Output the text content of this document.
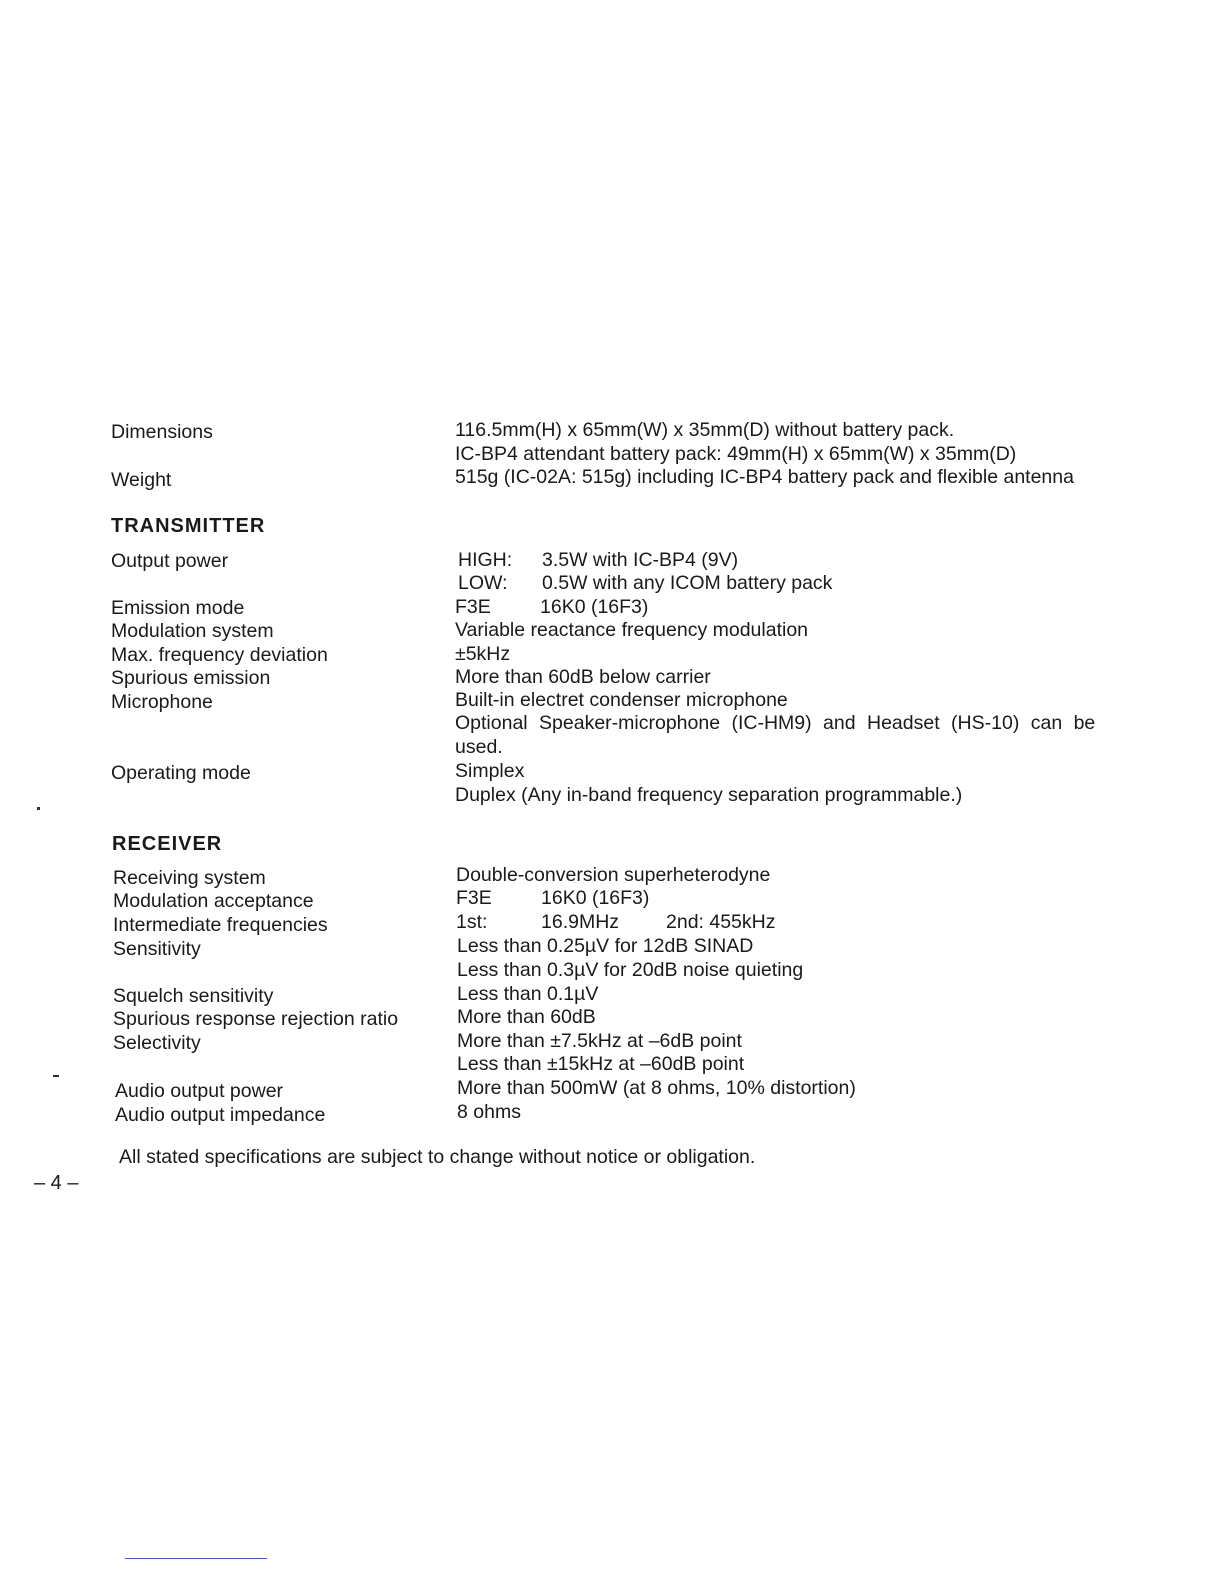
Dimensions	116.5mm(H) x 65mm(W) x 35mm(D) without battery pack.
IC-BP4 attendant battery pack: 49mm(H) x 65mm(W) x 35mm(D)
Weight	515g (IC-02A: 515g) including IC-BP4 battery pack and flexible antenna
TRANSMITTER
Output power	HIGH: 3.5W with IC-BP4 (9V)
LOW: 0.5W with any ICOM battery pack
Emission mode	F3E	16K0 (16F3)
Modulation system	Variable reactance frequency modulation
Max. frequency deviation	±5kHz
Spurious emission	More than 60dB below carrier
Microphone	Built-in electret condenser microphone
Optional Speaker-microphone (IC-HM9) and Headset (HS-10) can be
used.
Operating mode	Simplex
Duplex (Any in-band frequency separation programmable.)
RECEIVER
Receiving system	Double-conversion superheterodyne
Modulation acceptance	F3E	16K0 (16F3)
Intermediate frequencies	1st:	16.9MHz 2nd: 455kHz
Sensitivity	Less than 0.25µV for 12dB SINAD
Less than 0.3µV for 20dB noise quieting
Squelch sensitivity	Less than 0.1µV
Spurious response rejection ratio	More than 60dB
Selectivity	More than ±7.5kHz at –6dB point
Less than ±15kHz at –60dB point
Audio output power	More than 500mW (at 8 ohms, 10% distortion)
Audio output impedance	8 ohms
All stated specifications are subject to change without notice or obligation.
– 4 –
